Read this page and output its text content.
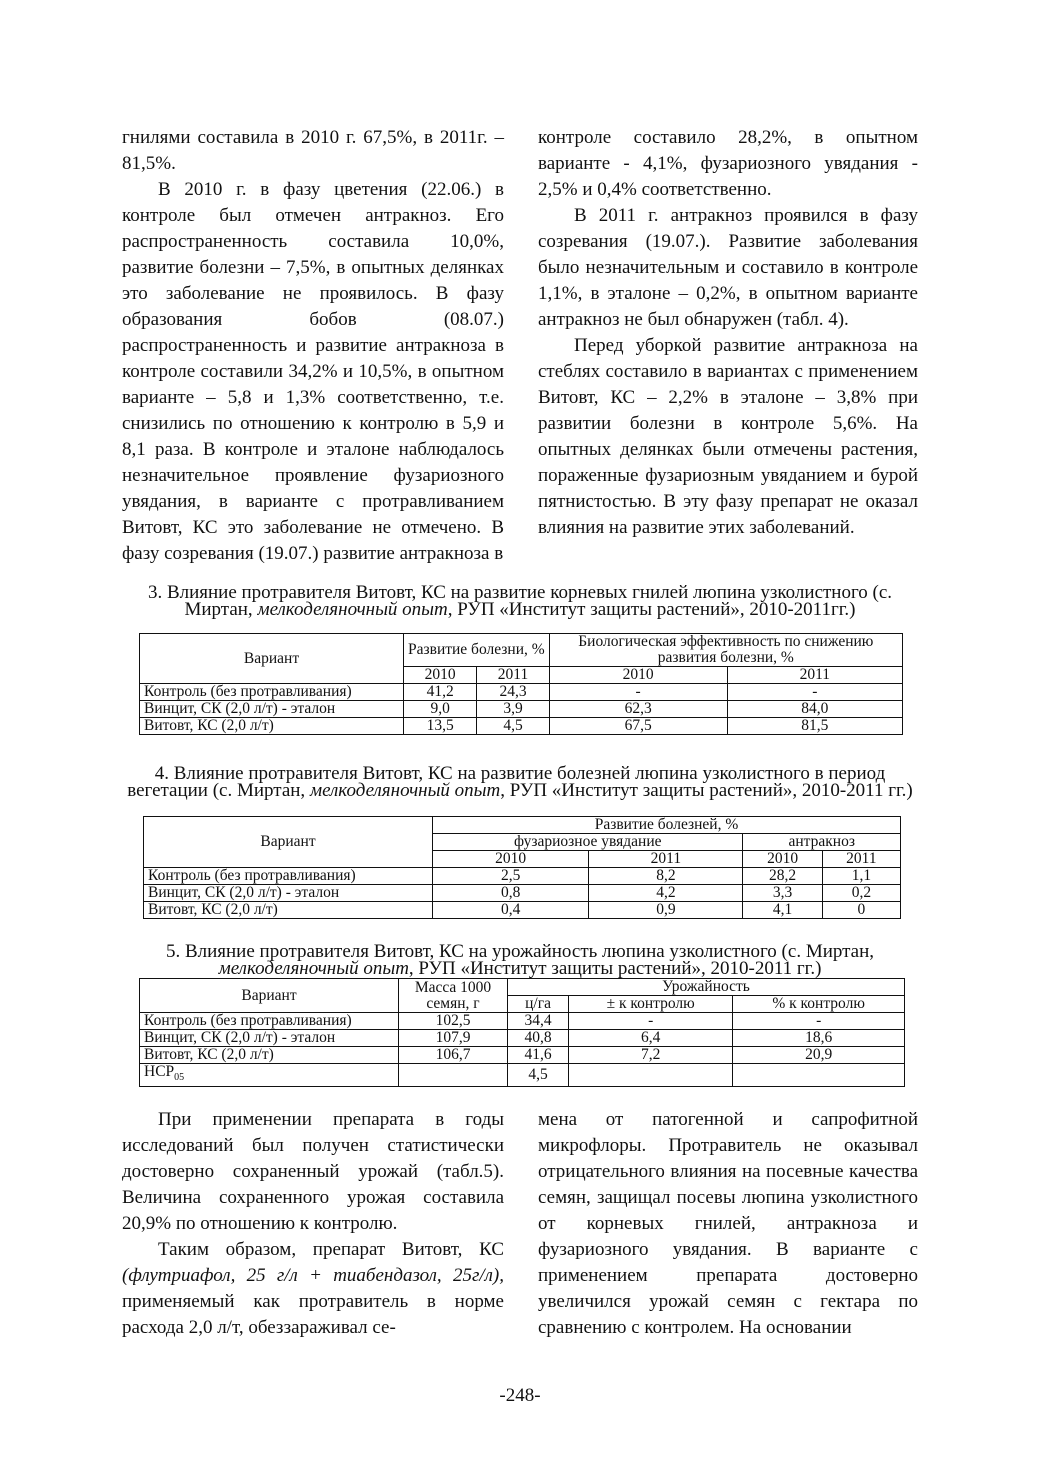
гнилями составила в 2010 г. 67,5%, в 2011г. – 81,5%.

В 2010 г. в фазу цветения (22.06.) в контроле был отмечен антракноз. Его распространенность составила 10,0%, развитие болезни – 7,5%, в опытных делянках это заболевание не проявилось. В фазу образования бобов (08.07.) распространенность и развитие антракноза в контроле составили 34,2% и 10,5%, в опытном варианте – 5,8 и 1,3% соответственно, т.е. снизились по отношению к контролю в 5,9 и 8,1 раза. В контроле и эталоне наблюдалось незначительное проявление фузариозного увядания, в варианте с протравливанием Витовт, КС это заболевание не отмечено. В фазу созревания (19.07.) развитие антракноза в

контроле составило 28,2%, в опытном варианте - 4,1%, фузариозного увядания - 2,5% и 0,4% соответственно.

В 2011 г. антракноз проявился в фазу созревания (19.07.). Развитие заболевания было незначительным и составило в контроле 1,1%, в эталоне – 0,2%, в опытном варианте антракноз не был обнаружен (табл. 4).

Перед уборкой развитие антракноза на стеблях составило в вариантах с применением Витовт, КС – 2,2% в эталоне – 3,8% при развитии болезни в контроле 5,6%. На опытных делянках были отмечены растения, пораженные фузариозным увяданием и бурой пятнистостью. В эту фазу препарат не оказал влияния на развитие этих заболеваний.

3. Влияние протравителя Витовт, КС на развитие корневых гнилей люпина узколистного (с. Миртан, мелкоделяночный опыт, РУП «Институт защиты растений», 2010-2011гг.)
Вариант	Развитие болезни, %		Биологическая эффективность по снижению развития болезни, %	
	2010	2011	2010	2011
Контроль (без протравливания)	41,2	24,3	-	-
Винцит, СК (2,0 л/т) - эталон	9,0	3,9	62,3	84,0
Витовт, КС (2,0 л/т)	13,5	4,5	67,5	81,5
4. Влияние протравителя Витовт, КС на развитие болезней люпина узколистного в период вегетации (с. Миртан, мелкоделяночный опыт, РУП «Институт защиты растений», 2010-2011 гг.)
Вариант	Развитие болезней, %			
	фузариозное увядание		антракноз	
	2010	2011	2010	2011
Контроль (без протравливания)	2,5	8,2	28,2	1,1
Винцит, СК (2,0 л/т) - эталон	0,8	4,2	3,3	0,2
Витовт, КС (2,0 л/т)	0,4	0,9	4,1	0
5. Влияние протравителя Витовт, КС на урожайность люпина узколистного (с. Миртан, мелкоделяночный опыт, РУП «Институт защиты растений», 2010-2011 гг.)
Вариант	Масса 1000 семян, г	Урожайность		
		ц/га	± к контролю	% к контролю
Контроль (без протравливания)	102,5	34,4	-	-
Винцит, СК (2,0 л/т) - эталон	107,9	40,8	6,4	18,6
Витовт, КС (2,0 л/т)	106,7	41,6	7,2	20,9
$НСР_{05}$		4,5		

При применении препарата в годы исследований был получен статистически достоверно сохраненный урожай (табл.5). Величина сохраненного урожая составила 20,9% по отношению к контролю.

Таким образом, препарат Витовт, КС (флутриафол, 25 г/л + тиабендазол, 25г/л), применяемый как протравитель в норме расхода 2,0 л/т, обеззараживал се-

мена от патогенной и сапрофитной микрофлоры. Протравитель не оказывал отрицательного влияния на посевные качества семян, защищал посевы люпина узколистного от корневых гнилей, антракноза и фузариозного увядания. В варианте с применением препарата достоверно увеличился урожай семян с гектара по сравнению с контролем. На основании

-248-
